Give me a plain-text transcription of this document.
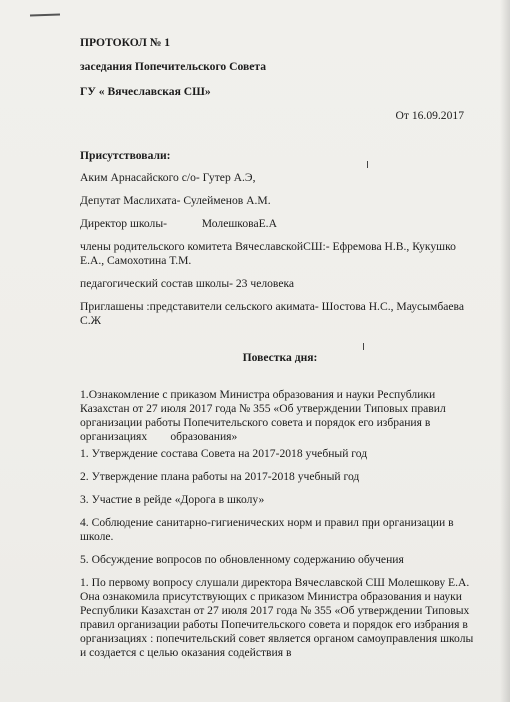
ПРОТОКОЛ № 1

заседания Попечительского Совета

ГУ « Вячеславская СШ»

От 16.09.2017

Присутствовали:

Аким Арнасайского с/о- Гутер А.Э,

Депутат Маслихата- Сулейменов А.М.

Директор школы-            МолешковаЕ.А

члены родительского комитета ВячеславскойСШ:- Ефремова Н.В., Кукушко Е.А., Самохотина Т.М.

педагогический состав школы- 23 человека

Приглашены :представители сельского акимата- Шостова Н.С., Маусымбаева С.Ж

Повестка дня:

1.Ознакомление с приказом Министра образования и науки Республики Казахстан от 27 июля 2017 года № 355 «Об утверждении Типовых правил организации работы Попечительского совета и порядок его избрания в организациях        образования»

1. Утверждение состава Совета на 2017-2018 учебный год

2. Утверждение плана работы на 2017-2018 учебный год

3. Участие в рейде «Дорога в школу»

4. Соблюдение санитарно-гигиенических норм и правил при организации в школе.

5. Обсуждение вопросов по обновленному содержанию обучения

1. По первому вопросу слушали директора Вячеславской СШ Молешкову Е.А. Она ознакомила присутствующих с приказом Министра образования и науки Республики Казахстан от 27 июля 2017 года № 355 «Об утверждении Типовых правил организации работы Попечительского совета и порядок его избрания в организациях : попечительский совет является органом самоуправления школы и создается с целью оказания содействия в
